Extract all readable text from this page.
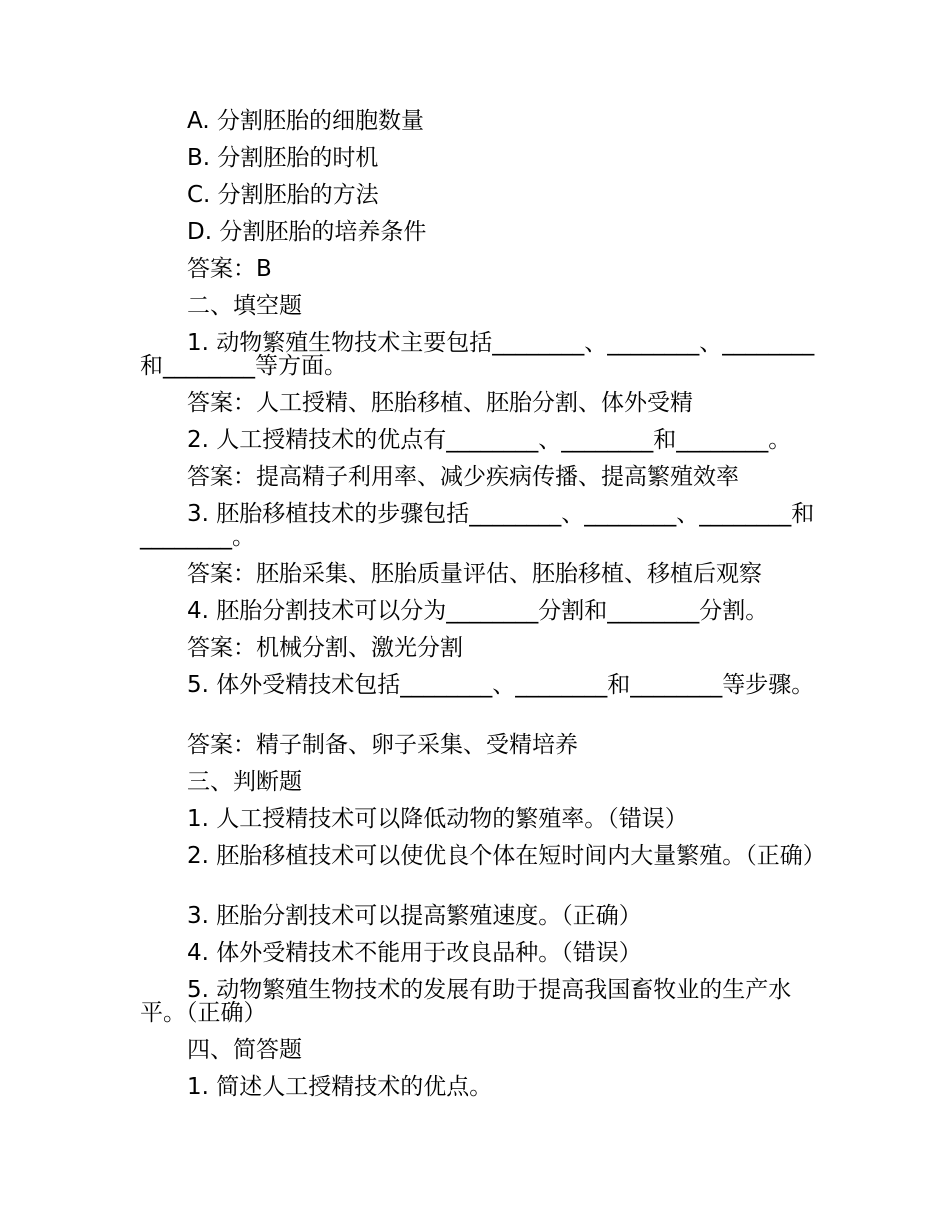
A. 分割胚胎的细胞数量
B. 分割胚胎的时机
C. 分割胚胎的方法
D. 分割胚胎的培养条件
答案：B
二、填空题
1. 动物繁殖生物技术主要包括________、________、________和________等方面。
答案：人工授精、胚胎移植、胚胎分割、体外受精
2. 人工授精技术的优点有________、________和________。
答案：提高精子利用率、减少疾病传播、提高繁殖效率
3. 胚胎移植技术的步骤包括________、________、________和________。
答案：胚胎采集、胚胎质量评估、胚胎移植、移植后观察
4. 胚胎分割技术可以分为________分割和________分割。
答案：机械分割、激光分割
5. 体外受精技术包括________、________和________等步骤。
答案：精子制备、卵子采集、受精培养
三、判断题
1. 人工授精技术可以降低动物的繁殖率。（错误）
2. 胚胎移植技术可以使优良个体在短时间内大量繁殖。（正确）
3. 胚胎分割技术可以提高繁殖速度。（正确）
4. 体外受精技术不能用于改良品种。（错误）
5. 动物繁殖生物技术的发展有助于提高我国畜牧业的生产水平。（正确）
四、简答题
1. 简述人工授精技术的优点。
